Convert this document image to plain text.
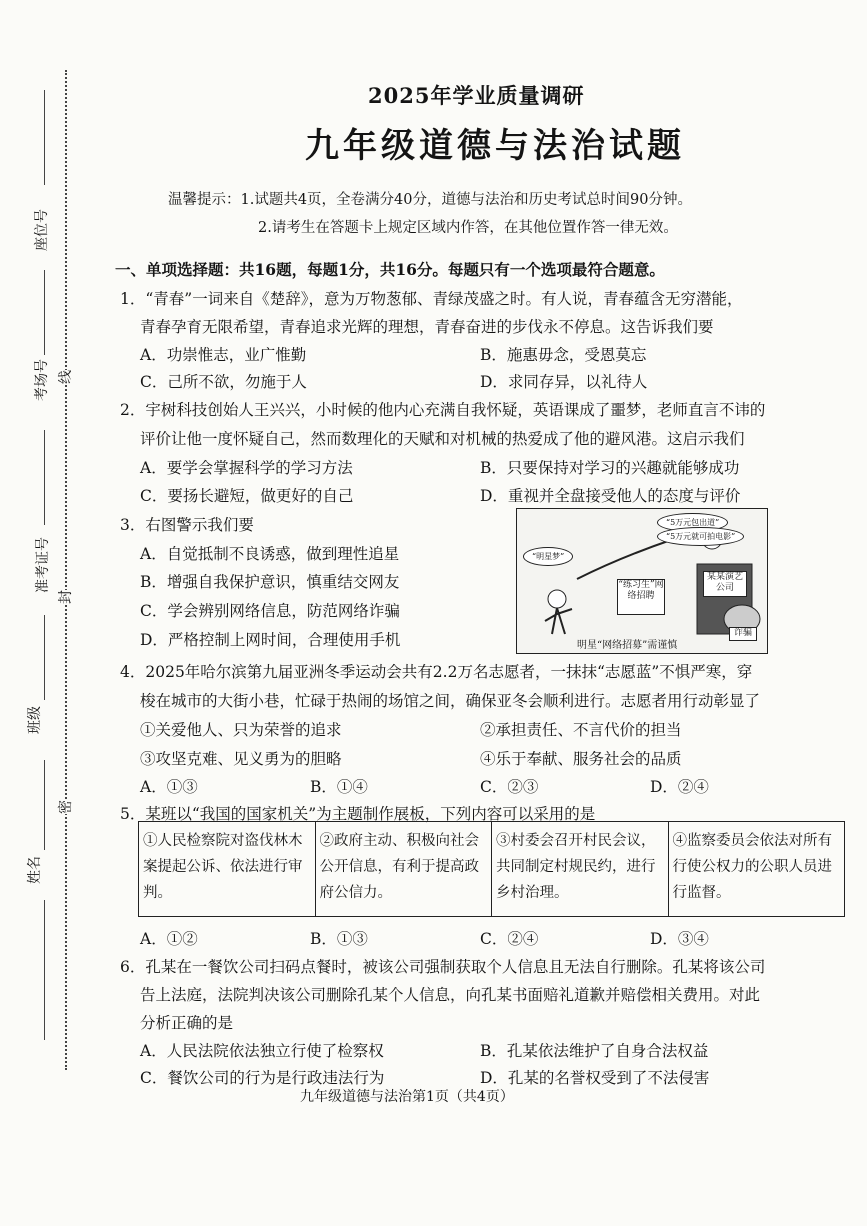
座位号
考场号
准考证号
班级
姓名
线
封
密
2025年学业质量调研
九年级道德与法治试题
温馨提示：1.试题共4页，全卷满分40分，道德与法治和历史考试总时间90分钟。
2.请考生在答题卡上规定区域内作答，在其他位置作答一律无效。
一、单项选择题：共16题，每题1分，共16分。每题只有一个选项最符合题意。
1．“青春”一词来自《楚辞》，意为万物葱郁、青绿茂盛之时。有人说，青春蕴含无穷潜能，
青春孕育无限希望，青春追求光辉的理想，青春奋进的步伐永不停息。这告诉我们要
A．功崇惟志，业广惟勤	B．施惠毋念，受恩莫忘
C．己所不欲，勿施于人	D．求同存异，以礼待人
2．宇树科技创始人王兴兴，小时候的他内心充满自我怀疑，英语课成了噩梦，老师直言不讳的
评价让他一度怀疑自己，然而数理化的天赋和对机械的热爱成了他的避风港。这启示我们
A．要学会掌握科学的学习方法	B．只要保持对学习的兴趣就能够成功
C．要扬长避短，做更好的自己	D．重视并全盘接受他人的态度与评价
3．右图警示我们要
A．自觉抵制不良诱惑，做到理性追星
B．增强自我保护意识，慎重结交网友
C．学会辨别网络信息，防范网络诈骗
D．严格控制上网时间，合理使用手机
“5万元包出道”
“5万元就可拍电影”
“明星梦”
“练习生”网络招聘
某某演艺公司
诈骗
明星“网络招募”需谨慎
4．2025年哈尔滨第九届亚洲冬季运动会共有2.2万名志愿者，一抹抹“志愿蓝”不惧严寒，穿
梭在城市的大街小巷，忙碌于热闹的场馆之间，确保亚冬会顺利进行。志愿者用行动彰显了
①关爱他人、只为荣誉的追求	②承担责任、不言代价的担当
③攻坚克难、见义勇为的胆略	④乐于奉献、服务社会的品质
A．①③	B．①④	C．②③	D．②④
5．某班以“我国的国家机关”为主题制作展板，下列内容可以采用的是
①人民检察院对盗伐林木案提起公诉、依法进行审判。	②政府主动、积极向社会公开信息，有利于提高政府公信力。	③村委会召开村民会议，共同制定村规民约，进行乡村治理。	④监察委员会依法对所有行使公权力的公职人员进行监督。
A．①②	B．①③	C．②④	D．③④
6．孔某在一餐饮公司扫码点餐时，被该公司强制获取个人信息且无法自行删除。孔某将该公司
告上法庭，法院判决该公司删除孔某个人信息，向孔某书面赔礼道歉并赔偿相关费用。对此
分析正确的是
A．人民法院依法独立行使了检察权	B．孔某依法维护了自身合法权益
C．餐饮公司的行为是行政违法行为	D．孔某的名誉权受到了不法侵害
九年级道德与法治第1页（共4页）
